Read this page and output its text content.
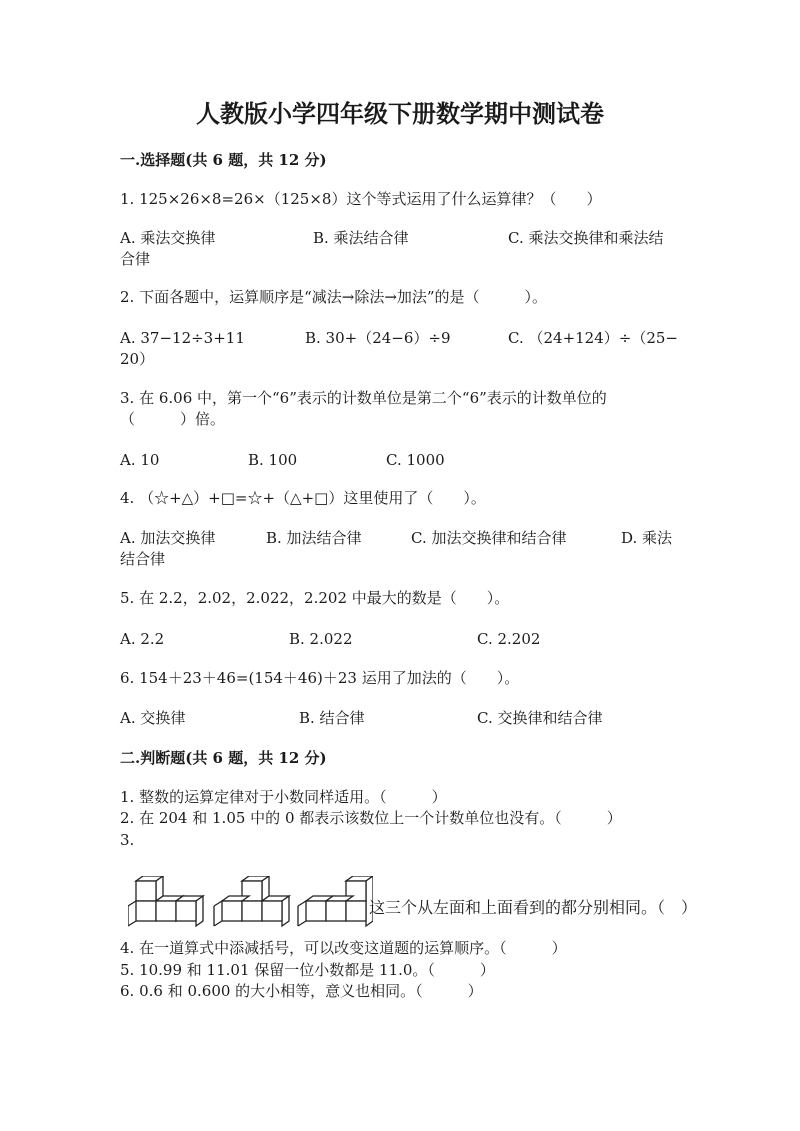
人教版小学四年级下册数学期中测试卷
一.选择题(共 6 题，共 12 分)
1. 125×26×8=26×（125×8）这个等式运用了什么运算律？（　　）
A. 乘法交换律	B. 乘法结合律	C. 乘法交换律和乘法结
合律
2. 下面各题中，运算顺序是“减法→除法→加法”的是（　　　）。
A. 37−12÷3+11	B. 30+（24−6）÷9	C. （24+124）÷（25−
20）
3. 在 6.06 中，第一个“6”表示的计数单位是第二个“6”表示的计数单位的
（　　　）倍。
A. 10	B. 100	C. 1000
4. （☆+△）+□=☆+（△+□）这里使用了（　　）。
A. 加法交换律	B. 加法结合律	C. 加法交换律和结合律	D. 乘法
结合律
5. 在 2.2，2.02，2.022，2.202 中最大的数是（　　）。
A. 2.2	B. 2.022	C. 2.202
6. 154＋23＋46=(154＋46)＋23 运用了加法的（　　）。
A. 交换律	B. 结合律	C. 交换律和结合律
二.判断题(共 6 题，共 12 分)
1. 整数的运算定律对于小数同样适用。（　　　）
2. 在 204 和 1.05 中的 0 都表示该数位上一个计数单位也没有。（　　　）
3.
这三个从左面和上面看到的都分别相同。（　）
4. 在一道算式中添减括号，可以改变这道题的运算顺序。（　　　）
5. 10.99 和 11.01 保留一位小数都是 11.0。（　　　）
6. 0.6 和 0.600 的大小相等，意义也相同。（　　　）
